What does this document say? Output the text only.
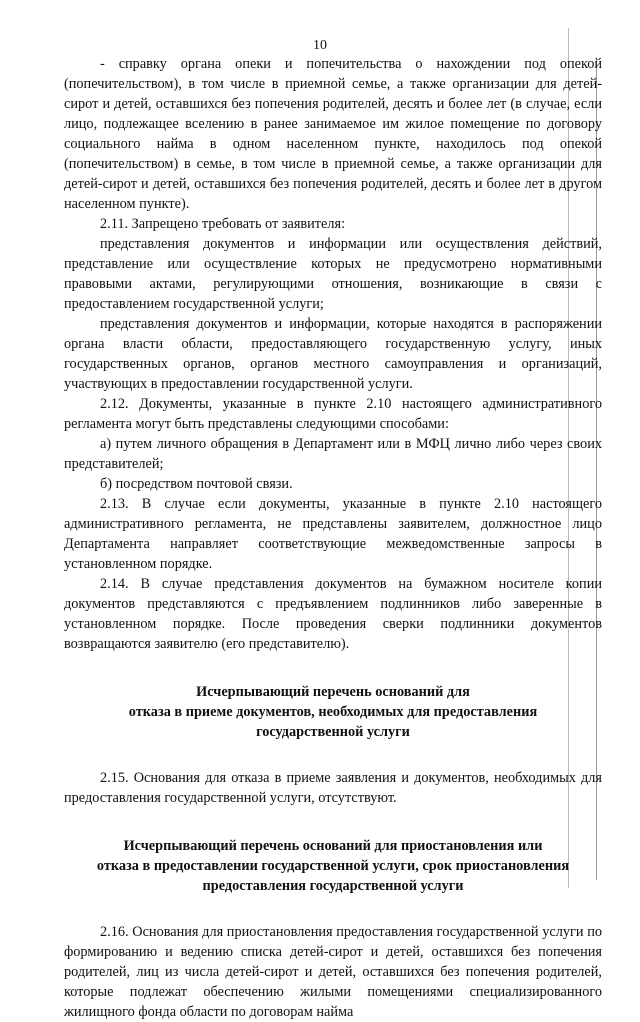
10

- справку органа опеки и попечительства о нахождении под опекой (попечительством), в том числе в приемной семье, а также организации для детей-сирот и детей, оставшихся без попечения родителей, десять и более лет (в случае, если лицо, подлежащее вселению в ранее занимаемое им жилое помещение по договору социального найма в одном населенном пункте, находилось под опекой (попечительством) в семье, в том числе в приемной семье, а также организации для детей-сирот и детей, оставшихся без попечения родителей, десять и более лет в другом населенном пункте).

2.11. Запрещено требовать от заявителя:

представления документов и информации или осуществления действий, представление или осуществление которых не предусмотрено нормативными правовыми актами, регулирующими отношения, возникающие в связи с предоставлением государственной услуги;

представления документов и информации, которые находятся в распоряжении органа власти области, предоставляющего государственную услугу, иных государственных органов, органов местного самоуправления и организаций, участвующих в предоставлении государственной услуги.

2.12. Документы, указанные в пункте 2.10 настоящего административного регламента могут быть представлены следующими способами:

а) путем личного обращения в Департамент или в МФЦ лично либо через своих представителей;

б) посредством почтовой связи.

2.13. В случае если документы, указанные в пункте 2.10 настоящего административного регламента, не представлены заявителем, должностное лицо Департамента направляет соответствующие межведомственные запросы в установленном порядке.

2.14. В случае представления документов на бумажном носителе копии документов представляются с предъявлением подлинников либо заверенные в установленном порядке. После проведения сверки подлинники документов возвращаются заявителю (его представителю).

Исчерпывающий перечень оснований для
отказа в приеме документов, необходимых для предоставления
государственной услуги

2.15. Основания для отказа в приеме заявления и документов, необходимых для предоставления государственной услуги, отсутствуют.

Исчерпывающий перечень оснований для приостановления или
отказа в предоставлении государственной услуги, срок приостановления
предоставления государственной услуги

2.16. Основания для приостановления предоставления государственной услуги по формированию и ведению списка детей-сирот и детей, оставшихся без попечения родителей, лиц из числа детей-сирот и детей, оставшихся без попечения родителей, которые подлежат обеспечению жилыми помещениями специализированного жилищного фонда области по договорам найма
